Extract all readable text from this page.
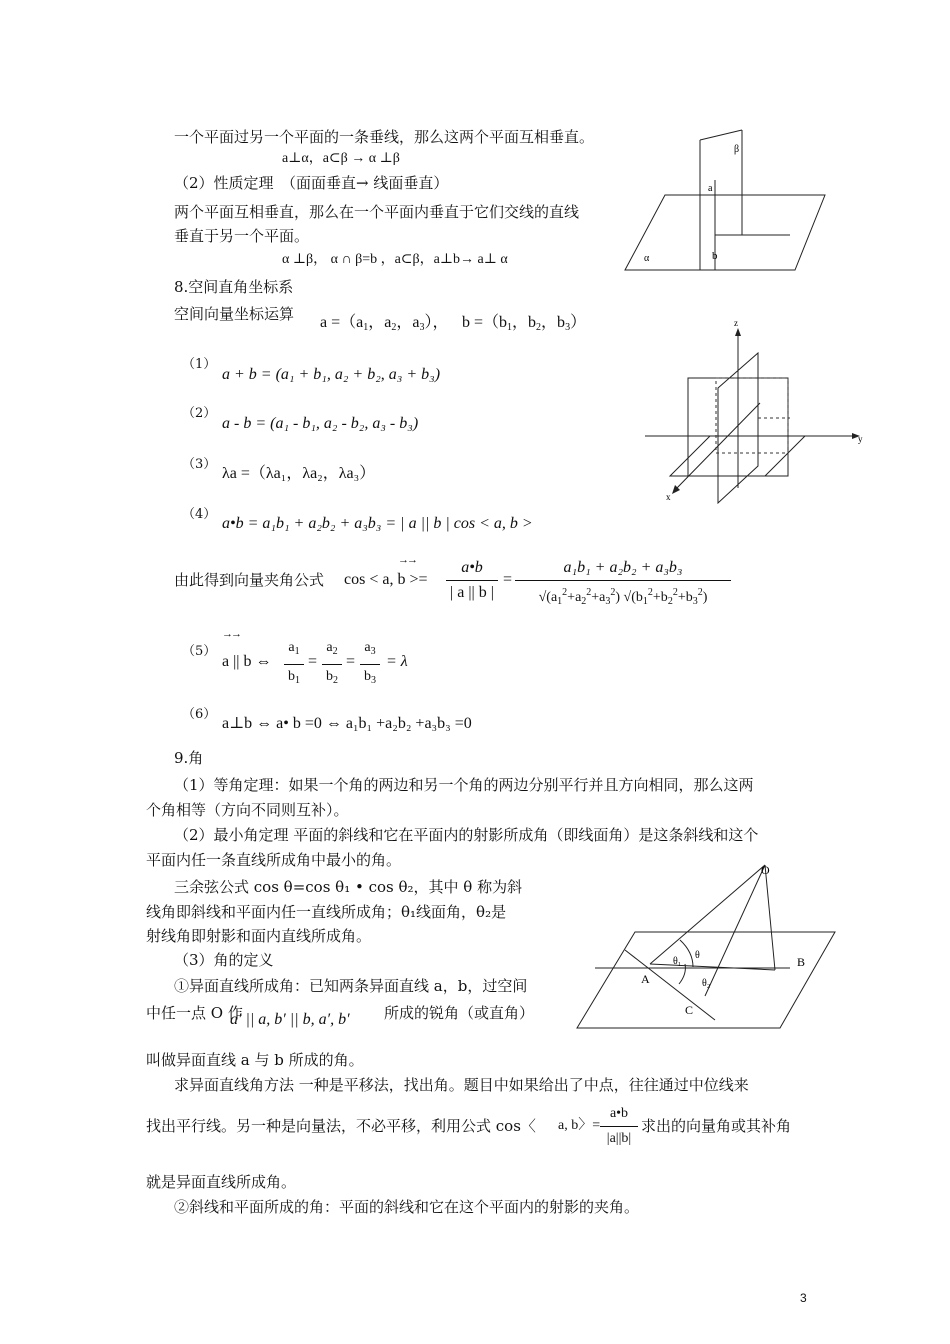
一个平面过另一个平面的一条垂线，那么这两个平面互相垂直。
a⊥α，a⊂β → α ⊥β
（2）性质定理　（面面垂直→ 线面垂直）
两个平面互相垂直，那么在一个平面内垂直于它们交线的直线
垂直于另一个平面。
α ⊥β， α ∩ β=b ，a⊂β，a⊥b→ a⊥ α
β
a
b
α
8.空间直角坐标系
空间向量坐标运算 $a =(a_1$，$a_2$，$a_3$）， $b =(b_1$，$b_2$，$b_3$）
（1）
a + b = (a₁ + b₁, a₂ + b₂, a₃ + b₃)
（2）
a - b = (a₁ - b₁, a₂ - b₂, a₃ - b₃)
（3）
λa =（λa₁，λa₂，λa₃）
（4）
a•b = a₁b₁ + a₂b₂ + a₃b₃ = | a || b | cos < a, b >
由此得到向量夹角公式 cos < a, b >=
→→	a•b
| a || b |
=
a₁b₁ + a₂b₂ + a₃b₃
$√(a_1^2+a_2^2+a_3^2)$ $√(b_1^2+b_2^2+b_3^2)$
→→
（5）
a || b ⇔
$a_1$
$b_1$
=
$a_2$
$b_2$
=
$a_3$
$b_3$
= λ
（6）
a⊥b ⇔ a• b =0 ⇔ a₁b₁ +a₂b₂ +a₃b₃ =0
z
y
x
9.角
（1）等角定理：如果一个角的两边和另一个角的两边分别平行并且方向相同，那么这两
个角相等（方向不同则互补）。
（2）最小角定理 平面的斜线和它在平面内的射影所成角（即线面角）是这条斜线和这个
平面内任一条直线所成角中最小的角。
三余弦公式 cos θ=cos θ₁ • cos θ₂，其中 θ 称为斜
线角即斜线和平面内任一直线所成角；θ₁线面角，θ₂是
射线角即射影和面内直线所成角。
（3）角的定义
①异面直线所成角：已知两条异面直线 a，b，过空间
中任一点 O 作
a′ || a, b′ || b, a′, b′ 所成的锐角（或直角）
叫做异面直线 a 与 b 所成的角。
求异面直线角方法 一种是平移法，找出角。题目中如果给出了中点，往往通过中位线来
找出平行线。另一种是向量法，不必平移，利用公式 cos〈 a, b〉=
a•b
|a||b|
求出的向量角或其补角
就是异面直线所成角。
②斜线和平面所成的角：平面的斜线和它在这个平面内的射影的夹角。
O
A
B
C
θ
θ₁
θ₂
3
